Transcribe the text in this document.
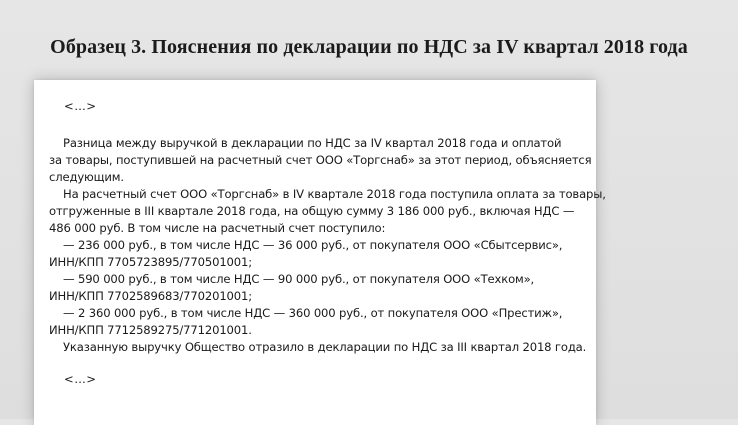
Образец 3. Пояснения по декларации по НДС за IV квартал 2018 года
<…>
Разница между выручкой в декларации по НДС за IV квартал 2018 года и оплатой
за товары, поступившей на расчетный счет ООО «Торгснаб» за этот период, объясняется
следующим.
На расчетный счет ООО «Торгснаб» в IV квартале 2018 года поступила оплата за товары,
отгруженные в III квартале 2018 года, на общую сумму 3 186 000 руб., включая НДС —
486 000 руб. В том числе на расчетный счет поступило:
— 236 000 руб., в том числе НДС — 36 000 руб., от покупателя ООО «Сбытсервис»,
ИНН/КПП 7705723895/770501001;
— 590 000 руб., в том числе НДС — 90 000 руб., от покупателя ООО «Техком»,
ИНН/КПП 7702589683/770201001;
— 2 360 000 руб., в том числе НДС — 360 000 руб., от покупателя ООО «Престиж»,
ИНН/КПП 7712589275/771201001.
Указанную выручку Общество отразило в декларации по НДС за III квартал 2018 года.
<…>
